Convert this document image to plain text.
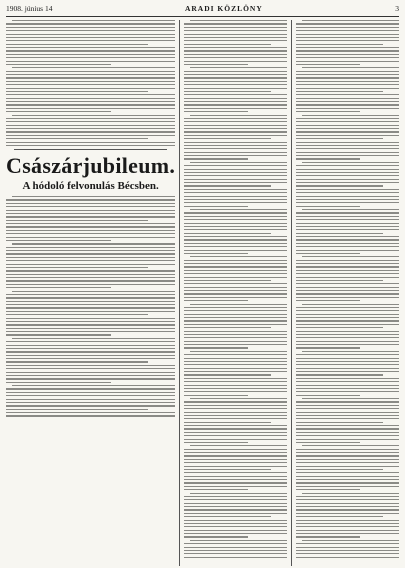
1908. június 14	ARADI KÖZLÖNY	3
Császárjubileum.
A hódoló felvonulás Bécsben.
